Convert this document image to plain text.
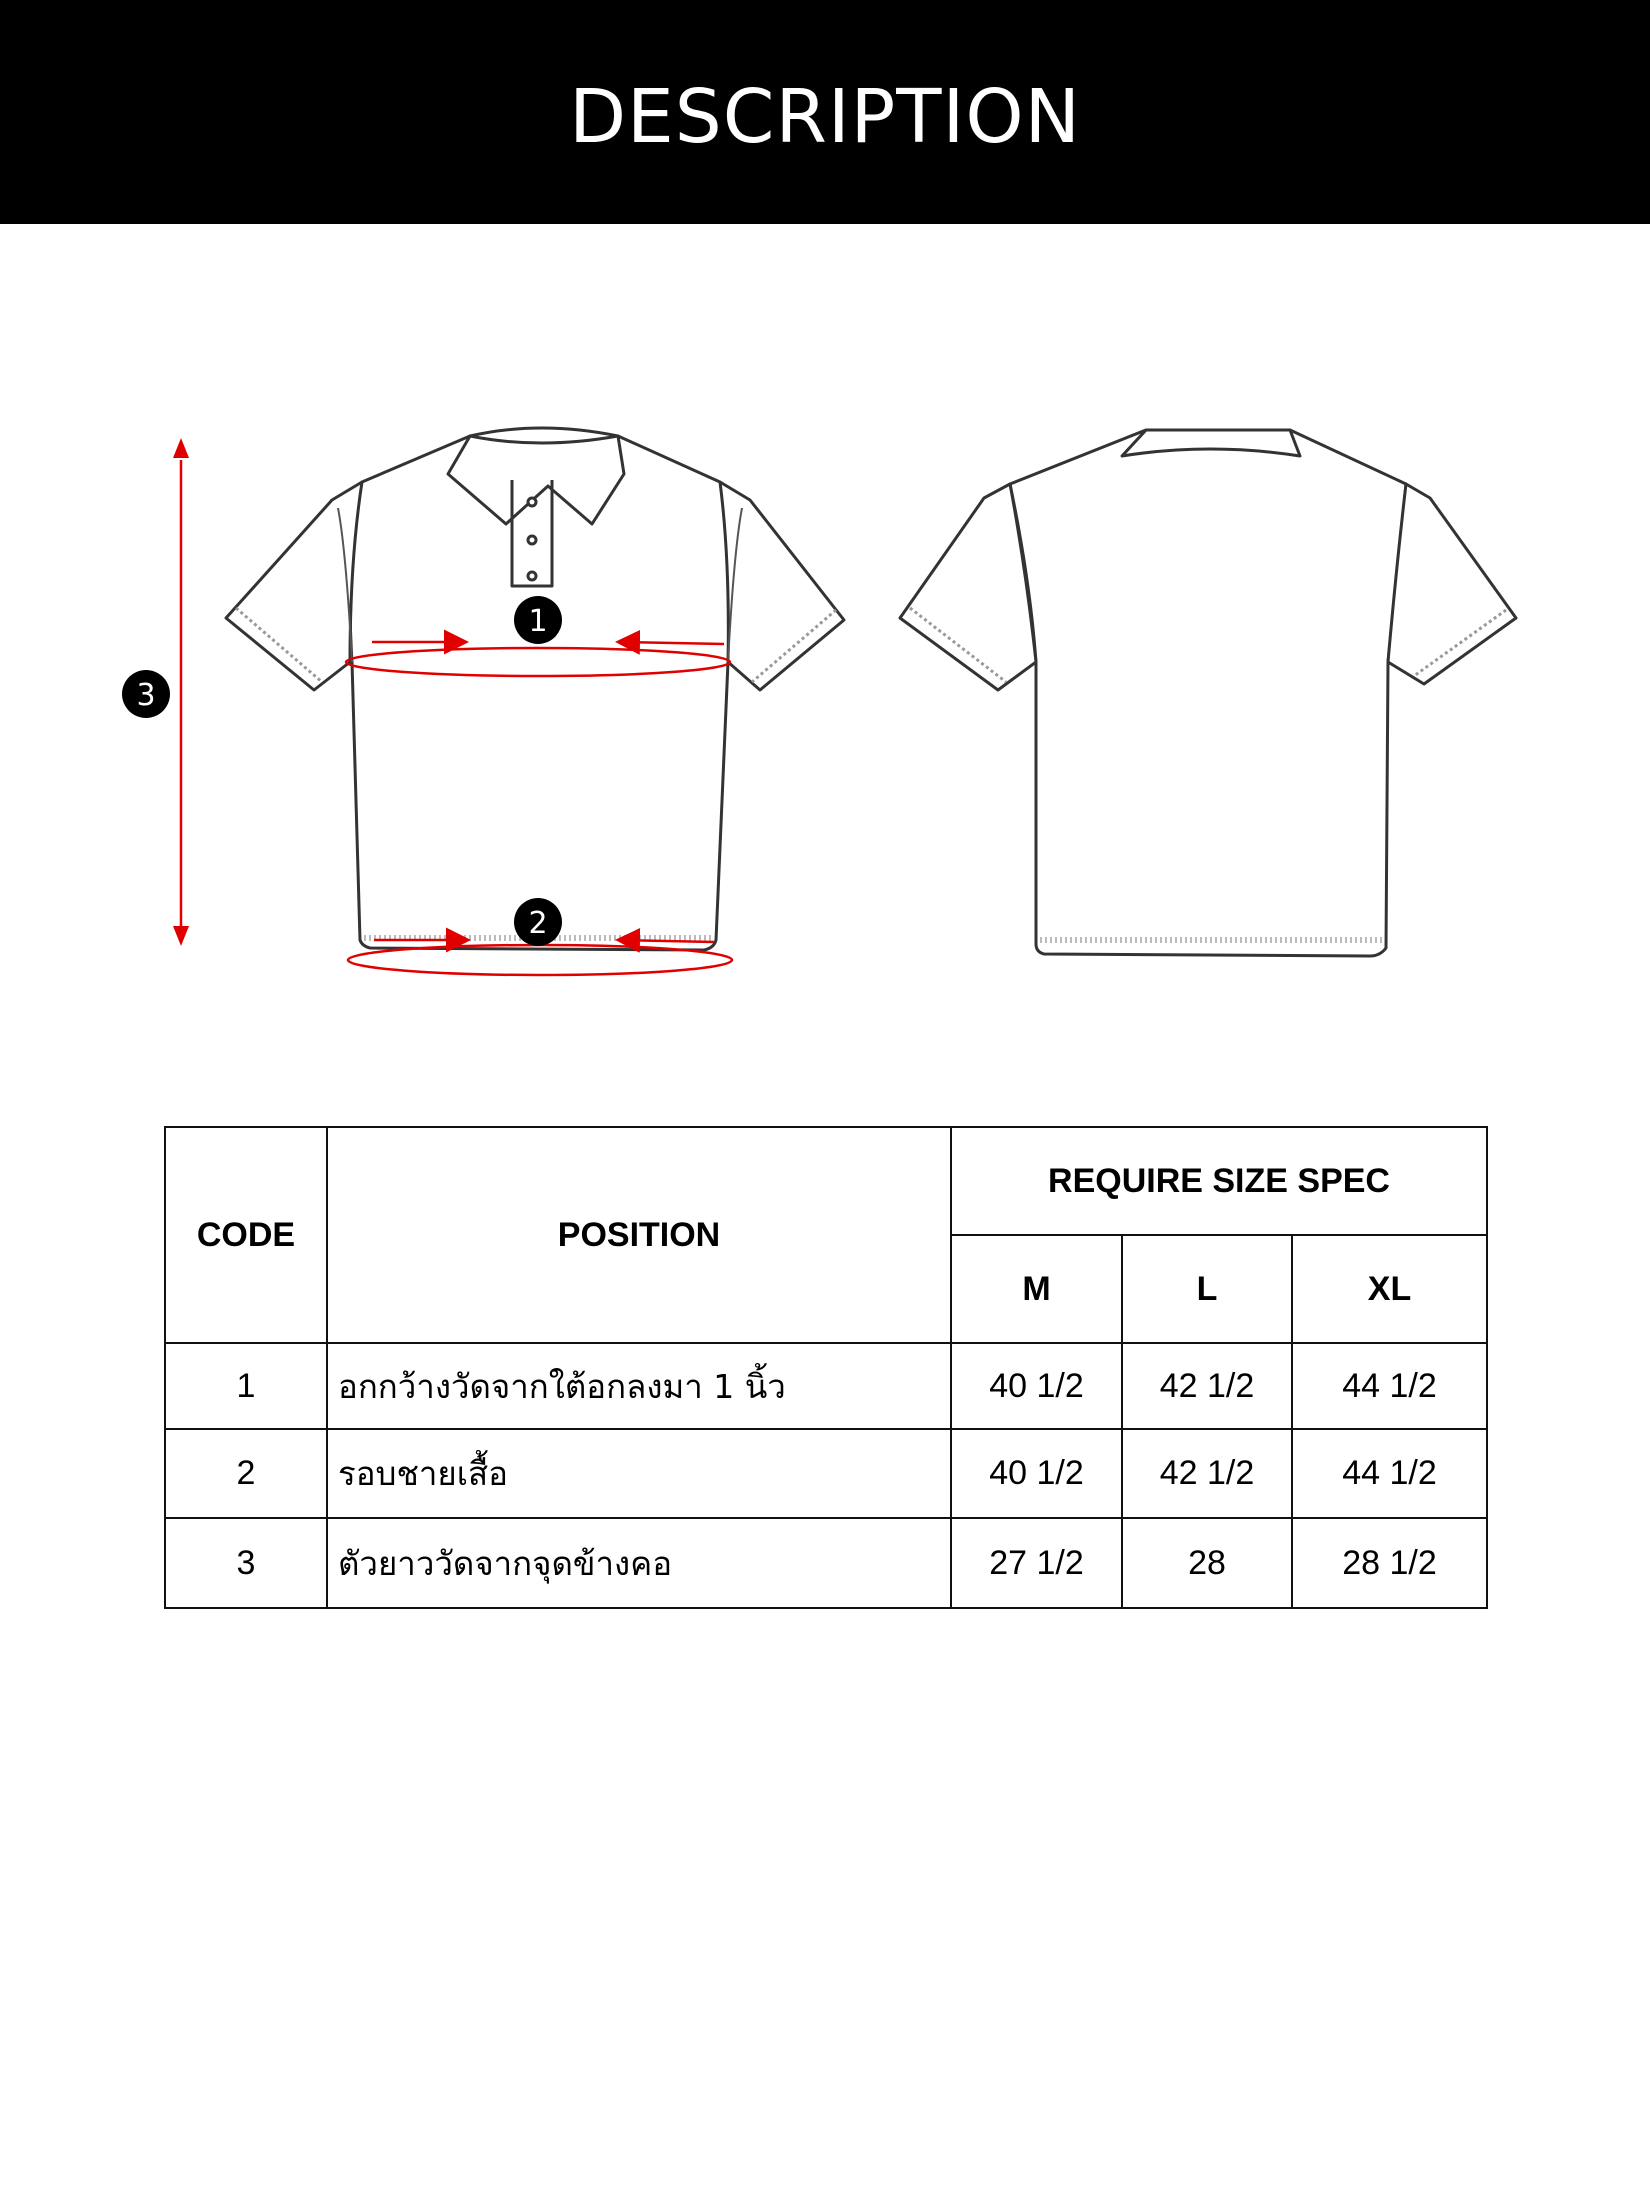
DESCRIPTION
1
2
3
CODE	POSITION	REQUIRE SIZE SPEC		
		M	L	XL
1	อกกว้างวัดจากใต้อกลงมา 1 นิ้ว	40 1/2	42 1/2	44 1/2
2	รอบชายเสื้อ	40 1/2	42 1/2	44 1/2
3	ตัวยาววัดจากจุดข้างคอ	27 1/2	28	28 1/2
